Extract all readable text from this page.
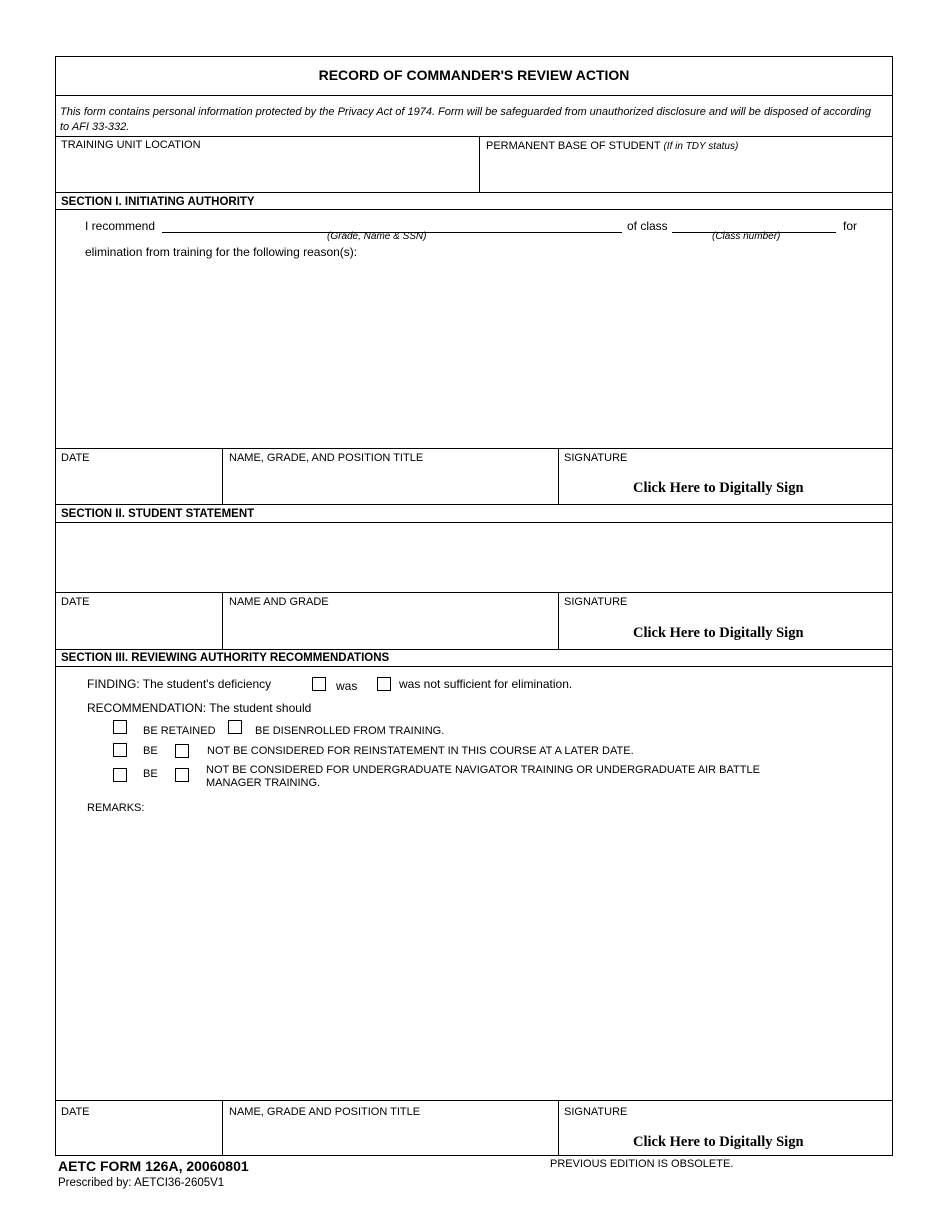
RECORD OF COMMANDER'S REVIEW ACTION
This form contains personal information protected by the Privacy Act of 1974. Form will be safeguarded from unauthorized disclosure and will be disposed of according to AFI 33-332.
TRAINING UNIT LOCATION	PERMANENT BASE OF STUDENT (If in TDY status)
SECTION I. INITIATING AUTHORITY
I recommend
(Grade, Name & SSN)
of class
(Class number)
for
elimination from training for the following reason(s):
DATE	NAME, GRADE, AND POSITION TITLE	SIGNATURE
Click Here to Digitally Sign
SECTION II. STUDENT STATEMENT
DATE	NAME AND GRADE	SIGNATURE
Click Here to Digitally Sign
SECTION III. REVIEWING AUTHORITY RECOMMENDATIONS
FINDING: The student's deficiency	was	was not sufficient for elimination.
RECOMMENDATION: The student should
BE RETAINED	BE DISENROLLED FROM TRAINING.
BE	NOT BE CONSIDERED FOR REINSTATEMENT IN THIS COURSE AT A LATER DATE.
BE	NOT BE CONSIDERED FOR UNDERGRADUATE NAVIGATOR TRAINING OR UNDERGRADUATE AIR BATTLE
MANAGER TRAINING.
REMARKS:
DATE	NAME, GRADE AND POSITION TITLE	SIGNATURE
Click Here to Digitally Sign
AETC FORM 126A, 20060801
Prescribed by: AETCI36-2605V1
PREVIOUS EDITION IS OBSOLETE.
